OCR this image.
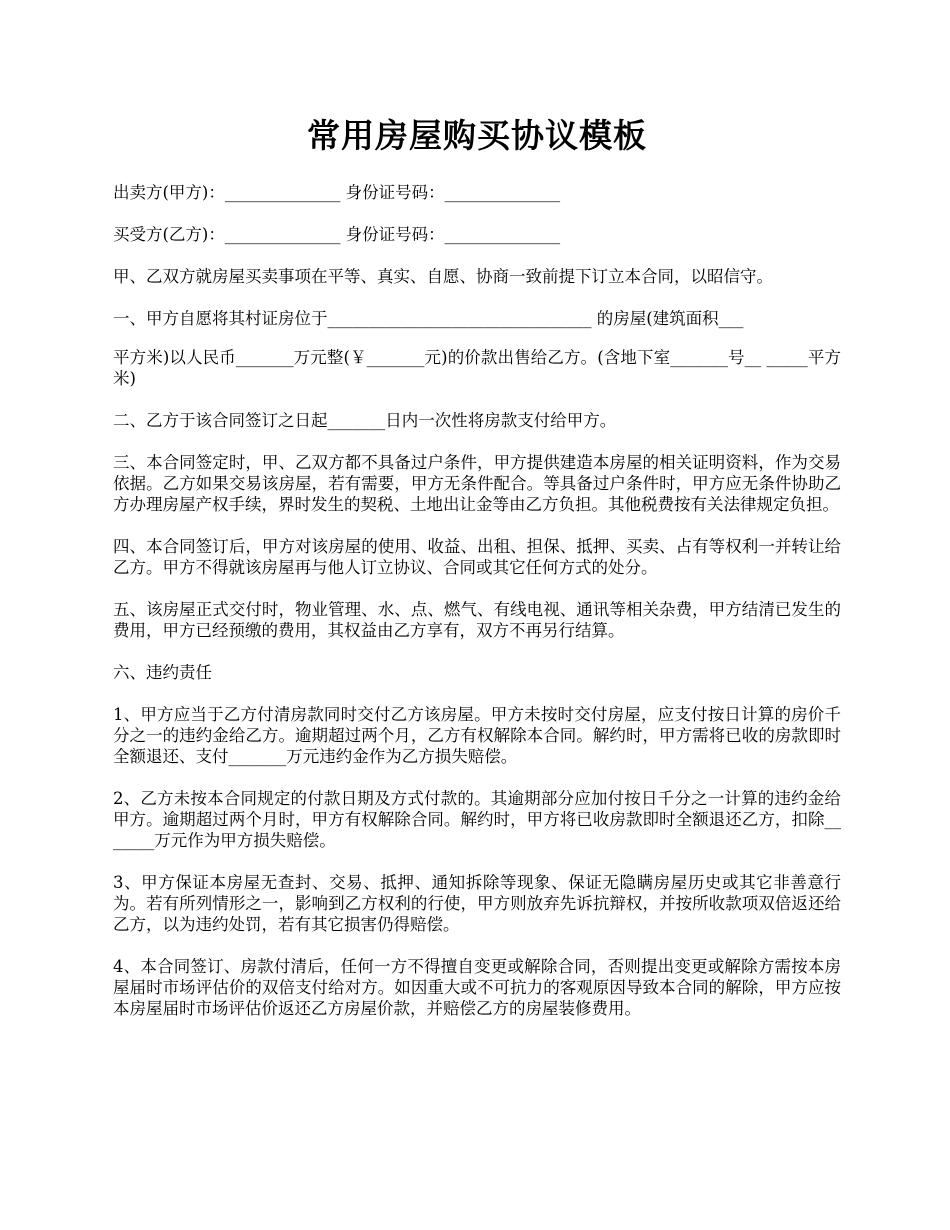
常用房屋购买协议模板

出卖方(甲方)：______________ 身份证号码：______________

买受方(乙方)：______________ 身份证号码：______________

甲、乙双方就房屋买卖事项在平等、真实、自愿、协商一致前提下订立本合同，以昭信守。

一、甲方自愿将其村证房位于________________________________ 的房屋(建筑面积___

平方米)以人民币_______万元整(￥_______元)的价款出售给乙方。(含地下室_______号__ _____平方米)

二、乙方于该合同签订之日起_______日内一次性将房款支付给甲方。

三、本合同签定时，甲、乙双方都不具备过户条件，甲方提供建造本房屋的相关证明资料，作为交易依据。乙方如果交易该房屋，若有需要，甲方无条件配合。等具备过户条件时，甲方应无条件协助乙方办理房屋产权手续，界时发生的契税、土地出让金等由乙方负担。其他税费按有关法律规定负担。

四、本合同签订后，甲方对该房屋的使用、收益、出租、担保、抵押、买卖、占有等权利一并转让给乙方。甲方不得就该房屋再与他人订立协议、合同或其它任何方式的处分。

五、该房屋正式交付时，物业管理、水、点、燃气、有线电视、通讯等相关杂费，甲方结清已发生的费用，甲方已经预缴的费用，其权益由乙方享有，双方不再另行结算。

六、违约责任

1、甲方应当于乙方付清房款同时交付乙方该房屋。甲方未按时交付房屋，应支付按日计算的房价千分之一的违约金给乙方。逾期超过两个月，乙方有权解除本合同。解约时，甲方需将已收的房款即时全额退还、支付_______万元违约金作为乙方损失赔偿。

2、乙方未按本合同规定的付款日期及方式付款的。其逾期部分应加付按日千分之一计算的违约金给甲方。逾期超过两个月时，甲方有权解除合同。解约时，甲方将已收房款即时全额退还乙方，扣除_______万元作为甲方损失赔偿。

3、甲方保证本房屋无查封、交易、抵押、通知拆除等现象、保证无隐瞒房屋历史或其它非善意行为。若有所列情形之一，影响到乙方权利的行使，甲方则放弃先诉抗辩权，并按所收款项双倍返还给乙方，以为违约处罚，若有其它损害仍得赔偿。

4、本合同签订、房款付清后，任何一方不得擅自变更或解除合同，否则提出变更或解除方需按本房屋届时市场评估价的双倍支付给对方。如因重大或不可抗力的客观原因导致本合同的解除，甲方应按本房屋届时市场评估价返还乙方房屋价款，并赔偿乙方的房屋装修费用。
